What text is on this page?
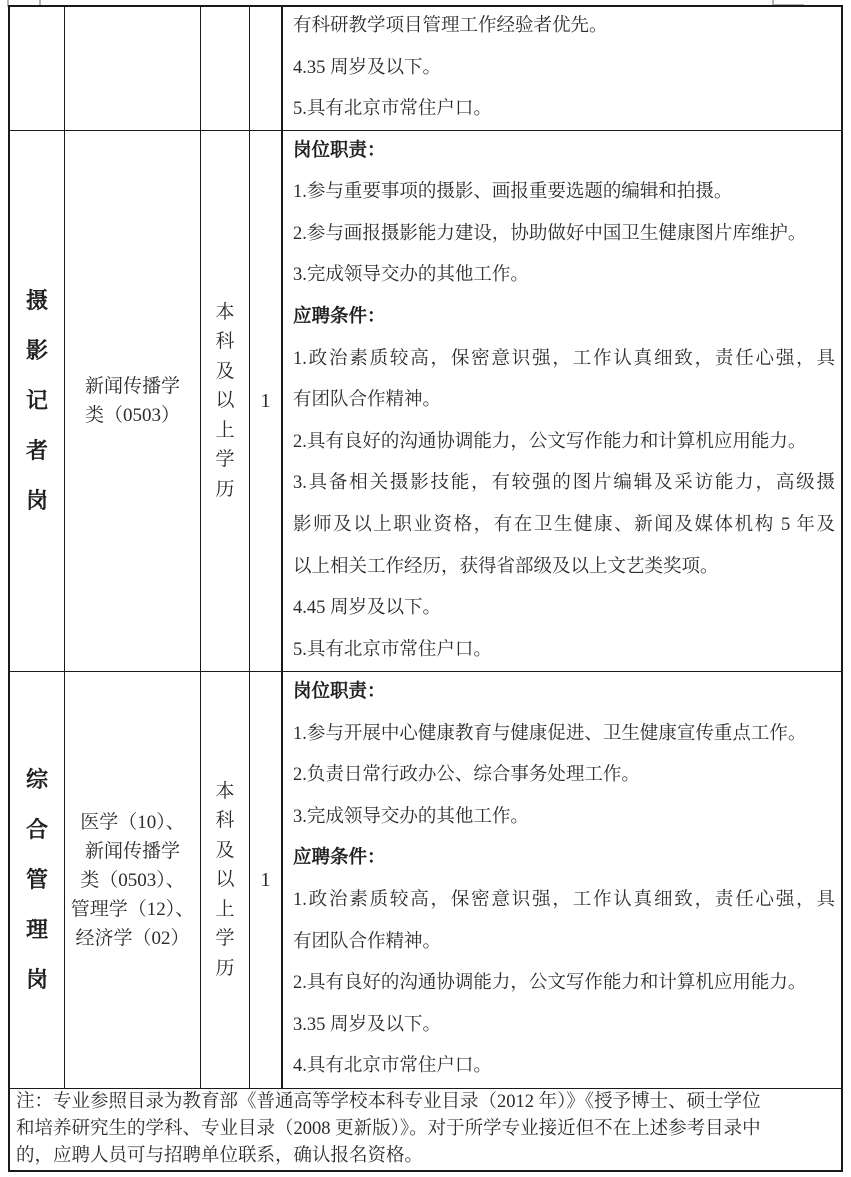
有科研教学项目管理工作经验者优先。
4.35 周岁及以下。
5.具有北京市常住户口。
摄
影
记
者
岗
新闻传播学
类（0503）
本
科
及
以
上
学
历
1
岗位职责：
1.参与重要事项的摄影、画报重要选题的编辑和拍摄。
2.参与画报摄影能力建设，协助做好中国卫生健康图片库维护。
3.完成领导交办的其他工作。
应聘条件：
1.政治素质较高，保密意识强，工作认真细致，责任心强，具
有团队合作精神。
2.具有良好的沟通协调能力，公文写作能力和计算机应用能力。
3.具备相关摄影技能，有较强的图片编辑及采访能力，高级摄
影师及以上职业资格，有在卫生健康、新闻及媒体机构 5 年及
以上相关工作经历，获得省部级及以上文艺类奖项。
4.45 周岁及以下。
5.具有北京市常住户口。
综
合
管
理
岗
医学（10）、
新闻传播学
类（0503）、
管理学（12）、
经济学（02）
本
科
及
以
上
学
历
1
岗位职责：
1.参与开展中心健康教育与健康促进、卫生健康宣传重点工作。
2.负责日常行政办公、综合事务处理工作。
3.完成领导交办的其他工作。
应聘条件：
1.政治素质较高，保密意识强，工作认真细致，责任心强，具
有团队合作精神。
2.具有良好的沟通协调能力，公文写作能力和计算机应用能力。
3.35 周岁及以下。
4.具有北京市常住户口。
注：专业参照目录为教育部《普通高等学校本科专业目录（2012 年）》《授予博士、硕士学位
和培养研究生的学科、专业目录（2008 更新版）》。对于所学专业接近但不在上述参考目录中
的，应聘人员可与招聘单位联系，确认报名资格。
